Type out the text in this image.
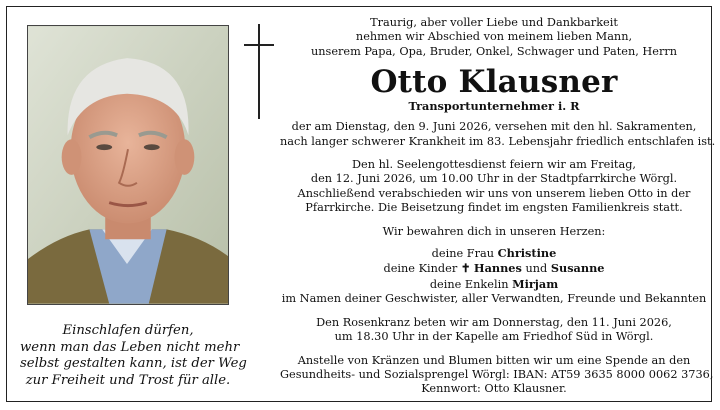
Einschlafen dürfen,
wenn man das Leben nicht mehr
selbst gestalten kann, ist der Weg
zur Freiheit und Trost für alle.
Traurig, aber voller Liebe und Dankbarkeit
nehmen wir Abschied von meinem lieben Mann,
unserem Papa, Opa, Bruder, Onkel, Schwager und Paten, Herrn
Otto Klausner
Transportunternehmer i. R
der am Dienstag, den 9. Juni 2026, versehen mit den hl. Sakramenten,
nach langer schwerer Krankheit im 83. Lebensjahr friedlich entschlafen ist.
Den hl. Seelengottesdienst feiern wir am Freitag,
den 12. Juni 2026, um 10.00 Uhr in der Stadtpfarrkirche Wörgl.
Anschließend verabschieden wir uns von unserem lieben Otto in der
Pfarrkirche. Die Beisetzung findet im engsten Familienkreis statt.
Wir bewahren dich in unseren Herzen:
deine Frau Christine
deine Kinder ✝ Hannes und Susanne
deine Enkelin Mirjam
im Namen deiner Geschwister, aller Verwandten, Freunde und Bekannten
Den Rosenkranz beten wir am Donnerstag, den 11. Juni 2026,
um 18.30 Uhr in der Kapelle am Friedhof Süd in Wörgl.
Anstelle von Kränzen und Blumen bitten wir um eine Spende an den
Gesundheits- und Sozialsprengel Wörgl: IBAN: AT59 3635 8000 0062 3736,
Kennwort: Otto Klausner.
